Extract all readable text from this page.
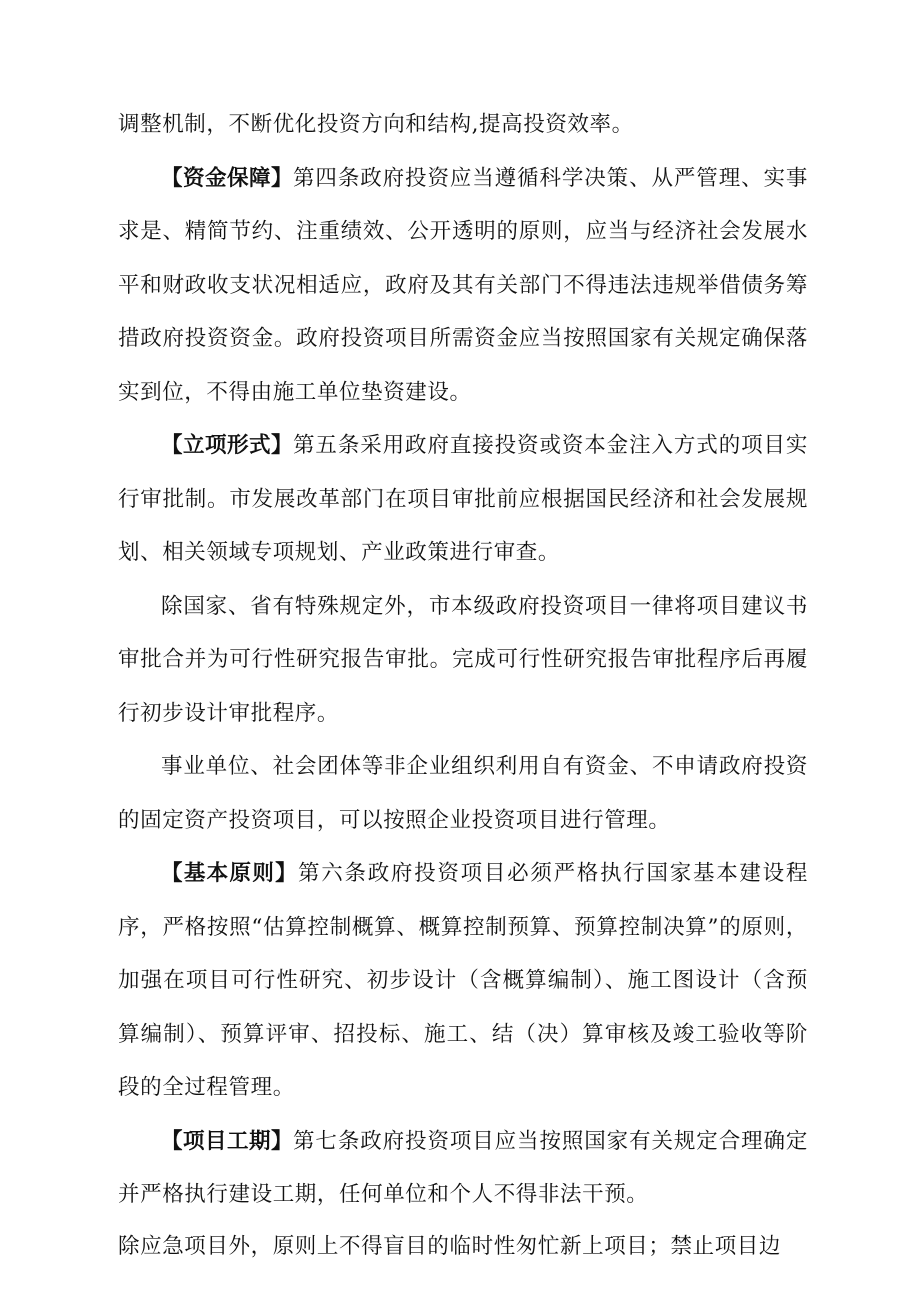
调整机制，不断优化投资方向和结构,提高投资效率。

【资金保障】第四条政府投资应当遵循科学决策、从严管理、实事求是、精简节约、注重绩效、公开透明的原则，应当与经济社会发展水平和财政收支状况相适应，政府及其有关部门不得违法违规举借债务筹措政府投资资金。政府投资项目所需资金应当按照国家有关规定确保落实到位，不得由施工单位垫资建设。

【立项形式】第五条采用政府直接投资或资本金注入方式的项目实行审批制。市发展改革部门在项目审批前应根据国民经济和社会发展规划、相关领域专项规划、产业政策进行审查。

除国家、省有特殊规定外，市本级政府投资项目一律将项目建议书审批合并为可行性研究报告审批。完成可行性研究报告审批程序后再履行初步设计审批程序。

事业单位、社会团体等非企业组织利用自有资金、不申请政府投资的固定资产投资项目，可以按照企业投资项目进行管理。

【基本原则】第六条政府投资项目必须严格执行国家基本建设程序，严格按照“估算控制概算、概算控制预算、预算控制决算”的原则，加强在项目可行性研究、初步设计（含概算编制）、施工图设计（含预算编制）、预算评审、招投标、施工、结（决）算审核及竣工验收等阶段的全过程管理。

【项目工期】第七条政府投资项目应当按照国家有关规定合理确定并严格执行建设工期，任何单位和个人不得非法干预。

除应急项目外，原则上不得盲目的临时性匆忙新上项目；禁止项目边
